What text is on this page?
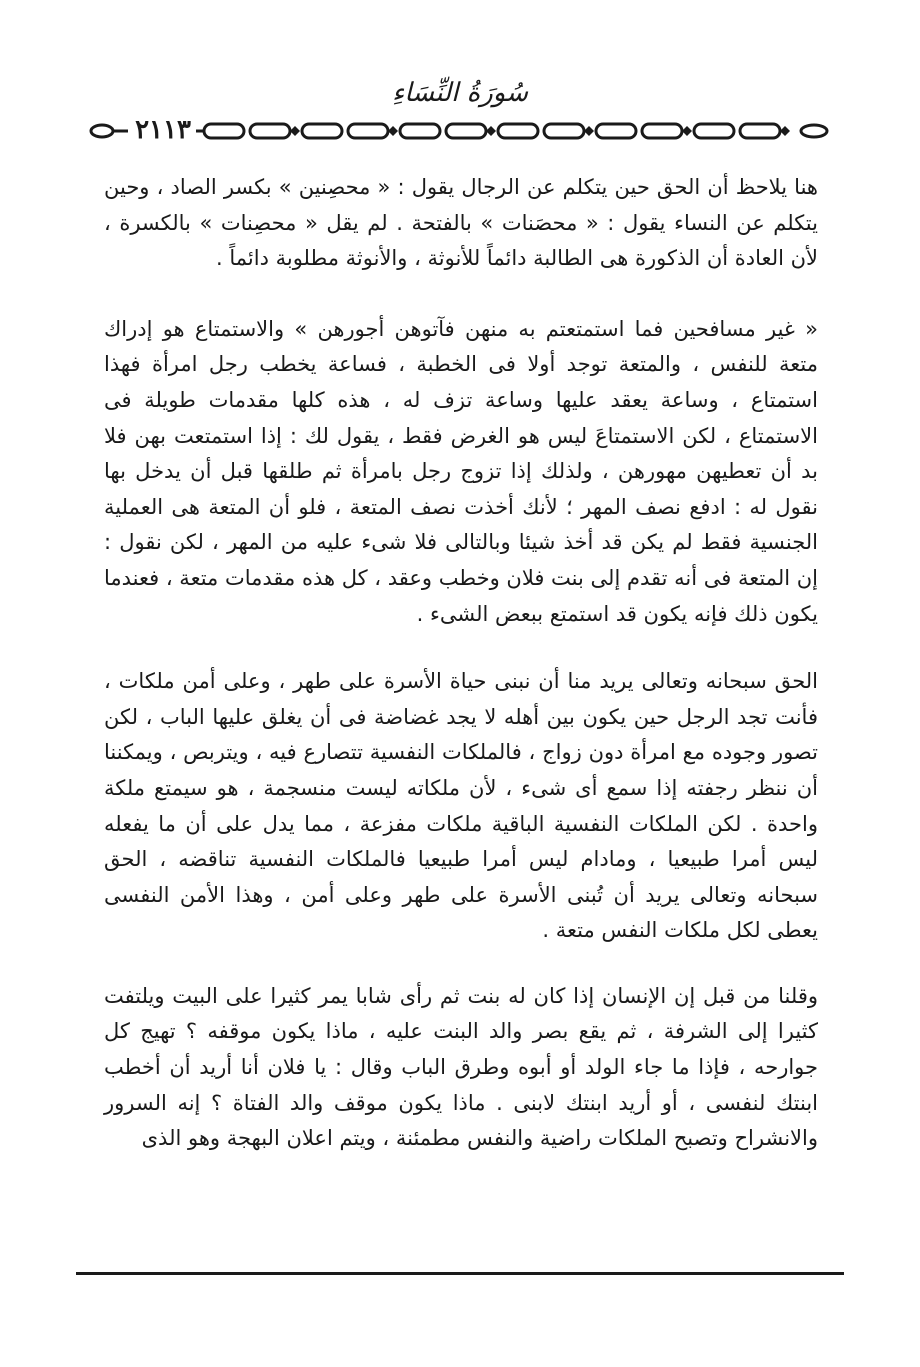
سُورَةُ النِّسَاءِ
٢١١٣

هنا يلاحظ أن الحق حين يتكلم عن الرجال يقول : « محصِنين » بكسر الصاد ، وحين يتكلم عن النساء يقول : « محصَنات » بالفتحة . لم يقل « محصِنات » بالكسرة ، لأن العادة أن الذكورة هى الطالبة دائماً للأنوثة ، والأنوثة مطلوبة دائماً .

« غير مسافحين فما استمتعتم به منهن فآتوهن أجورهن » والاستمتاع هو إدراك متعة للنفس ، والمتعة توجد أولا فى الخطبة ، فساعة يخطب رجل امرأة فهذا استمتاع ، وساعة يعقد عليها وساعة تزف له ، هذه كلها مقدمات طويلة فى الاستمتاع ، لكن الاستمتاعَ ليس هو الغرض فقط ، يقول لك : إذا استمتعت بهن فلا بد أن تعطيهن مهورهن ، ولذلك إذا تزوج رجل بامرأة ثم طلقها قبل أن يدخل بها نقول له : ادفع نصف المهر ؛ لأنك أخذت نصف المتعة ، فلو أن المتعة هى العملية الجنسية فقط لم يكن قد أخذ شيئا وبالتالى فلا شىء عليه من المهر ، لكن نقول : إن المتعة فى أنه تقدم إلى بنت فلان وخطب وعقد ، كل هذه مقدمات متعة ، فعندما يكون ذلك فإنه يكون قد استمتع ببعض الشىء .

الحق سبحانه وتعالى يريد منا أن نبنى حياة الأسرة على طهر ، وعلى أمن ملكات ، فأنت تجد الرجل حين يكون بين أهله لا يجد غضاضة فى أن يغلق عليها الباب ، لكن تصور وجوده مع امرأة دون زواج ، فالملكات النفسية تتصارع فيه ، ويتربص ، ويمكننا أن ننظر رجفته إذا سمع أى شىء ، لأن ملكاته ليست منسجمة ، هو سيمتع ملكة واحدة . لكن الملكات النفسية الباقية ملكات مفزعة ، مما يدل على أن ما يفعله ليس أمرا طبيعيا ، ومادام ليس أمرا طبيعيا فالملكات النفسية تناقضه ، الحق سبحانه وتعالى يريد أن تُبنى الأسرة على طهر وعلى أمن ، وهذا الأمن النفسى يعطى لكل ملكات النفس متعة .

وقلنا من قبل إن الإنسان إذا كان له بنت ثم رأى شابا يمر كثيرا على البيت ويلتفت كثيرا إلى الشرفة ، ثم يقع بصر والد البنت عليه ، ماذا يكون موقفه ؟ تهيج كل جوارحه ، فإذا ما جاء الولد أو أبوه وطرق الباب وقال : يا فلان أنا أريد أن أخطب ابنتك لنفسى ، أو أريد ابنتك لابنى . ماذا يكون موقف والد الفتاة ؟ إنه السرور والانشراح وتصبح الملكات راضية والنفس مطمئنة ، ويتم اعلان البهجة وهو الذى
